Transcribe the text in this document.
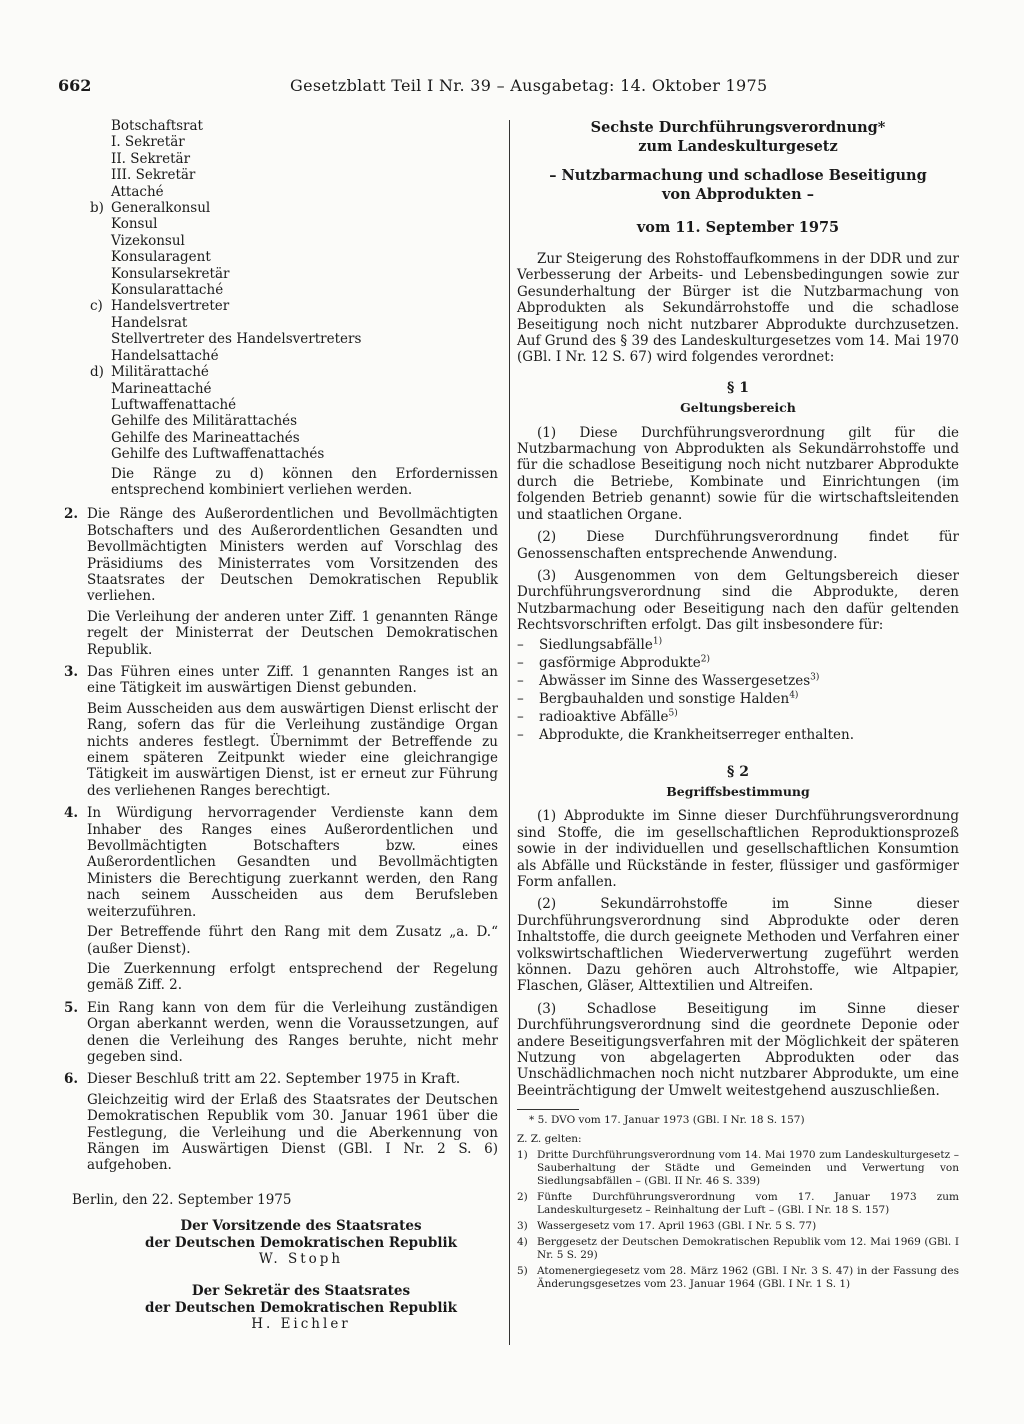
662	Gesetzblatt Teil I Nr. 39 – Ausgabetag: 14. Oktober 1975
Botschaftsrat
I. Sekretär
II. Sekretär
III. Sekretär
Attaché
b) Generalkonsul
Konsul
Vizekonsul
Konsularagent
Konsularsekretär
Konsularattaché
c) Handelsvertreter
Handelsrat
Stellvertreter des Handelsvertreters
Handelsattaché
d) Militärattaché
Marineattaché
Luftwaffenattaché
Gehilfe des Militärattachés
Gehilfe des Marineattachés
Gehilfe des Luftwaffenattachés
Die Ränge zu d) können den Erfordernissen entsprechend kombiniert verliehen werden.
2. Die Ränge des Außerordentlichen und Bevollmächtigten Botschafters und des Außerordentlichen Gesandten und Bevollmächtigten Ministers werden auf Vorschlag des Präsidiums des Ministerrates vom Vorsitzenden des Staatsrates der Deutschen Demokratischen Republik verliehen.
Die Verleihung der anderen unter Ziff. 1 genannten Ränge regelt der Ministerrat der Deutschen Demokratischen Republik.
3. Das Führen eines unter Ziff. 1 genannten Ranges ist an eine Tätigkeit im auswärtigen Dienst gebunden.
Beim Ausscheiden aus dem auswärtigen Dienst erlischt der Rang, sofern das für die Verleihung zuständige Organ nichts anderes festlegt. Übernimmt der Betreffende zu einem späteren Zeitpunkt wieder eine gleichrangige Tätigkeit im auswärtigen Dienst, ist er erneut zur Führung des verliehenen Ranges berechtigt.
4. In Würdigung hervorragender Verdienste kann dem Inhaber des Ranges eines Außerordentlichen und Bevollmächtigten Botschafters bzw. eines Außerordentlichen Gesandten und Bevollmächtigten Ministers die Berechtigung zuerkannt werden, den Rang nach seinem Ausscheiden aus dem Berufsleben weiterzuführen.
Der Betreffende führt den Rang mit dem Zusatz „a. D.“ (außer Dienst).
Die Zuerkennung erfolgt entsprechend der Regelung gemäß Ziff. 2.
5. Ein Rang kann von dem für die Verleihung zuständigen Organ aberkannt werden, wenn die Voraussetzungen, auf denen die Verleihung des Ranges beruhte, nicht mehr gegeben sind.
6. Dieser Beschluß tritt am 22. September 1975 in Kraft.
Gleichzeitig wird der Erlaß des Staatsrates der Deutschen Demokratischen Republik vom 30. Januar 1961 über die Festlegung, die Verleihung und die Aberkennung von Rängen im Auswärtigen Dienst (GBl. I Nr. 2 S. 6) aufgehoben.
Berlin, den 22. September 1975
Der Vorsitzende des Staatsrates
der Deutschen Demokratischen Republik
W. Stoph
Der Sekretär des Staatsrates
der Deutschen Demokratischen Republik
H. Eichler
Sechste Durchführungsverordnung*
zum Landeskulturgesetz
– Nutzbarmachung und schadlose Beseitigung
von Abprodukten –
vom 11. September 1975
Zur Steigerung des Rohstoffaufkommens in der DDR und zur Verbesserung der Arbeits- und Lebensbedingungen sowie zur Gesunderhaltung der Bürger ist die Nutzbarmachung von Abprodukten als Sekundärrohstoffe und die schadlose Beseitigung noch nicht nutzbarer Abprodukte durchzusetzen. Auf Grund des § 39 des Landeskulturgesetzes vom 14. Mai 1970 (GBl. I Nr. 12 S. 67) wird folgendes verordnet:
§ 1
Geltungsbereich
(1) Diese Durchführungsverordnung gilt für die Nutzbarmachung von Abprodukten als Sekundärrohstoffe und für die schadlose Beseitigung noch nicht nutzbarer Abprodukte durch die Betriebe, Kombinate und Einrichtungen (im folgenden Betrieb genannt) sowie für die wirtschaftsleitenden und staatlichen Organe.
(2) Diese Durchführungsverordnung findet für Genossenschaften entsprechende Anwendung.
(3) Ausgenommen von dem Geltungsbereich dieser Durchführungsverordnung sind die Abprodukte, deren Nutzbarmachung oder Beseitigung nach den dafür geltenden Rechtsvorschriften erfolgt. Das gilt insbesondere für:
– Siedlungsabfälle$^{1)}$
– gasförmige Abprodukte$^{2)}$
– Abwässer im Sinne des Wassergesetzes$^{3)}$
– Bergbauhalden und sonstige Halden$^{4)}$
– radioaktive Abfälle$^{5)}$
– Abprodukte, die Krankheitserreger enthalten.
§ 2
Begriffsbestimmung
(1) Abprodukte im Sinne dieser Durchführungsverordnung sind Stoffe, die im gesellschaftlichen Reproduktionsprozeß sowie in der individuellen und gesellschaftlichen Konsumtion als Abfälle und Rückstände in fester, flüssiger und gasförmiger Form anfallen.
(2) Sekundärrohstoffe im Sinne dieser Durchführungsverordnung sind Abprodukte oder deren Inhaltstoffe, die durch geeignete Methoden und Verfahren einer volkswirtschaftlichen Wiederverwertung zugeführt werden können. Dazu gehören auch Altrohstoffe, wie Altpapier, Flaschen, Gläser, Alttextilien und Altreifen.
(3) Schadlose Beseitigung im Sinne dieser Durchführungsverordnung sind die geordnete Deponie oder andere Beseitigungsverfahren mit der Möglichkeit der späteren Nutzung von abgelagerten Abprodukten oder das Unschädlichmachen noch nicht nutzbarer Abprodukte, um eine Beeinträchtigung der Umwelt weitestgehend auszuschließen.
* 5. DVO vom 17. Januar 1973 (GBl. I Nr. 18 S. 157)
Z. Z. gelten:
1) Dritte Durchführungsverordnung vom 14. Mai 1970 zum Landeskulturgesetz – Sauberhaltung der Städte und Gemeinden und Verwertung von Siedlungsabfällen – (GBl. II Nr. 46 S. 339)
2) Fünfte Durchführungsverordnung vom 17. Januar 1973 zum Landeskulturgesetz – Reinhaltung der Luft – (GBl. I Nr. 18 S. 157)
3) Wassergesetz vom 17. April 1963 (GBl. I Nr. 5 S. 77)
4) Berggesetz der Deutschen Demokratischen Republik vom 12. Mai 1969 (GBl. I Nr. 5 S. 29)
5) Atomenergiegesetz vom 28. März 1962 (GBl. I Nr. 3 S. 47) in der Fassung des Änderungsgesetzes vom 23. Januar 1964 (GBl. I Nr. 1 S. 1)
